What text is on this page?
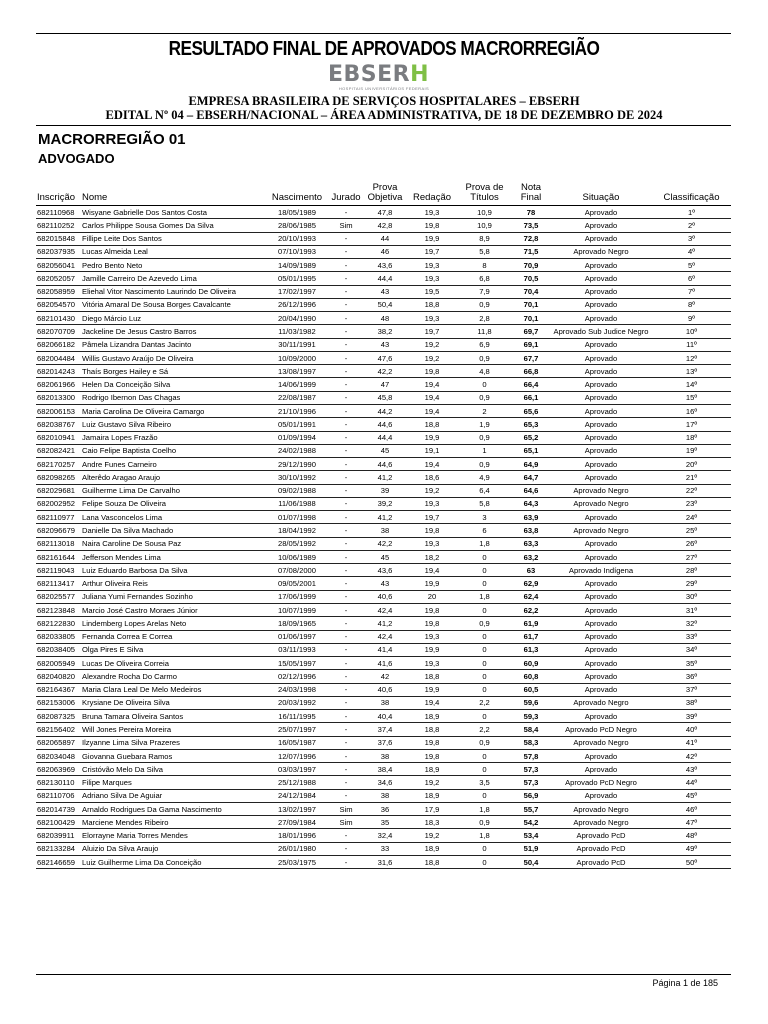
RESULTADO FINAL DE APROVADOS MACRORREGIÃO
EBSERH
HOSPITAIS UNIVERSITÁRIOS FEDERAIS
EMPRESA BRASILEIRA DE SERVIÇOS HOSPITALARES – EBSERH
EDITAL Nº 04 – EBSERH/NACIONAL – ÁREA ADMINISTRATIVA, DE 18 DE DEZEMBRO DE 2024
MACRORREGIÃO 01
ADVOGADO
Inscrição	Nome	Nascimento	Jurado	Prova Objetiva	Redação	Prova de Títulos	Nota Final	Situação	Classificação
682110968	Wisyane Gabrielle Dos Santos Costa	18/05/1989	-	47,8	19,3	10,9	78	Aprovado	1º
682110252	Carlos Philippe Sousa Gomes Da Silva	28/06/1985	Sim	42,8	19,8	10,9	73,5	Aprovado	2º
682015848	Fillipe Leite Dos Santos	20/10/1993	-	44	19,9	8,9	72,8	Aprovado	3º
682037935	Lucas Almeida Leal	07/10/1993	-	46	19,7	5,8	71,5	Aprovado Negro	4º
682056041	Pedro Bento Neto	14/09/1989	-	43,6	19,3	8	70,9	Aprovado	5º
682052057	Jamille Carreiro De Azevedo Lima	05/01/1995	-	44,4	19,3	6,8	70,5	Aprovado	6º
682058959	Eliehal Vitor Nascimento Laurindo De Oliveira	17/02/1997	-	43	19,5	7,9	70,4	Aprovado	7º
682054570	Vitória Amaral De Sousa Borges Cavalcante	26/12/1996	-	50,4	18,8	0,9	70,1	Aprovado	8º
682101430	Diego Márcio Luz	20/04/1990	-	48	19,3	2,8	70,1	Aprovado	9º
682070709	Jackeline De Jesus Castro Barros	11/03/1982	-	38,2	19,7	11,8	69,7	Aprovado Sub Judice Negro	10º
682066182	Pâmela Lizandra Dantas Jacinto	30/11/1991	-	43	19,2	6,9	69,1	Aprovado	11º
682004484	Willis Gustavo Araújo De Oliveira	10/09/2000	-	47,6	19,2	0,9	67,7	Aprovado	12º
682014243	Thaís Borges Hailey e Sá	13/08/1997	-	42,2	19,8	4,8	66,8	Aprovado	13º
682061966	Helen Da Conceição Silva	14/06/1999	-	47	19,4	0	66,4	Aprovado	14º
682013300	Rodrigo Ibernon Das Chagas	22/08/1987	-	45,8	19,4	0,9	66,1	Aprovado	15º
682006153	Maria Carolina De Oliveira Camargo	21/10/1996	-	44,2	19,4	2	65,6	Aprovado	16º
682038767	Luiz Gustavo Silva Ribeiro	05/01/1991	-	44,6	18,8	1,9	65,3	Aprovado	17º
682010941	Jamaira Lopes Frazão	01/09/1994	-	44,4	19,9	0,9	65,2	Aprovado	18º
682082421	Caio Felipe Baptista Coelho	24/02/1988	-	45	19,1	1	65,1	Aprovado	19º
682170257	Andre Funes Carneiro	29/12/1990	-	44,6	19,4	0,9	64,9	Aprovado	20º
682098265	Alterêdo Aragao Araujo	30/10/1992	-	41,2	18,6	4,9	64,7	Aprovado	21º
682029681	Guilherme Lima De Carvalho	09/02/1988	-	39	19,2	6,4	64,6	Aprovado Negro	22º
682002952	Felipe Souza De Oliveira	11/06/1988	-	39,2	19,3	5,8	64,3	Aprovado Negro	23º
682110977	Lana Vasconcelos Lima	01/07/1998	-	41,2	19,7	3	63,9	Aprovado	24º
682096679	Danielle Da Silva Machado	18/04/1992	-	38	19,8	6	63,8	Aprovado Negro	25º
682113018	Naira Caroline De Sousa Paz	28/05/1992	-	42,2	19,3	1,8	63,3	Aprovado	26º
682161644	Jefferson Mendes Lima	10/06/1989	-	45	18,2	0	63,2	Aprovado	27º
682119043	Luiz Eduardo Barbosa Da Silva	07/08/2000	-	43,6	19,4	0	63	Aprovado Indígena	28º
682113417	Arthur Oliveira Reis	09/05/2001	-	43	19,9	0	62,9	Aprovado	29º
682025577	Juliana Yumi Fernandes Sozinho	17/06/1999	-	40,6	20	1,8	62,4	Aprovado	30º
682123848	Marcio José Castro Moraes Júnior	10/07/1999	-	42,4	19,8	0	62,2	Aprovado	31º
682122830	Lindemberg Lopes Arelas Neto	18/09/1965	-	41,2	19,8	0,9	61,9	Aprovado	32º
682033805	Fernanda Correa E Correa	01/06/1997	-	42,4	19,3	0	61,7	Aprovado	33º
682038405	Olga Pires E Silva	03/11/1993	-	41,4	19,9	0	61,3	Aprovado	34º
682005949	Lucas De Oliveira Correia	15/05/1997	-	41,6	19,3	0	60,9	Aprovado	35º
682040820	Alexandre Rocha Do Carmo	02/12/1996	-	42	18,8	0	60,8	Aprovado	36º
682164367	Maria Clara Leal De Melo Medeiros	24/03/1998	-	40,6	19,9	0	60,5	Aprovado	37º
682153006	Krysiane De Oliveira Silva	20/03/1992	-	38	19,4	2,2	59,6	Aprovado Negro	38º
682087325	Bruna Tamara Oliveira Santos	16/11/1995	-	40,4	18,9	0	59,3	Aprovado	39º
682156402	Will Jones Pereira Moreira	25/07/1997	-	37,4	18,8	2,2	58,4	Aprovado PcD Negro	40º
682065897	Ilzyanne Lima Silva Prazeres	16/05/1987	-	37,6	19,8	0,9	58,3	Aprovado Negro	41º
682034048	Giovanna Guebara Ramos	12/07/1996	-	38	19,8	0	57,8	Aprovado	42º
682063969	Cristóvão Melo Da Silva	03/03/1997	-	38,4	18,9	0	57,3	Aprovado	43º
682130110	Filipe Marques	25/12/1988	-	34,6	19,2	3,5	57,3	Aprovado PcD Negro	44º
682110706	Adriano Silva De Aguiar	24/12/1984	-	38	18,9	0	56,9	Aprovado	45º
682014739	Arnaldo Rodrigues Da Gama Nascimento	13/02/1997	Sim	36	17,9	1,8	55,7	Aprovado Negro	46º
682100429	Marciene Mendes Ribeiro	27/09/1984	Sim	35	18,3	0,9	54,2	Aprovado Negro	47º
682039911	Elorrayne Maria Torres Mendes	18/01/1996	-	32,4	19,2	1,8	53,4	Aprovado PcD	48º
682133284	Aluizio Da Silva Araujo	26/01/1980	-	33	18,9	0	51,9	Aprovado PcD	49º
682146659	Luiz Guilherme Lima Da Conceição	25/03/1975	-	31,6	18,8	0	50,4	Aprovado PcD	50º
Página 1 de 185
